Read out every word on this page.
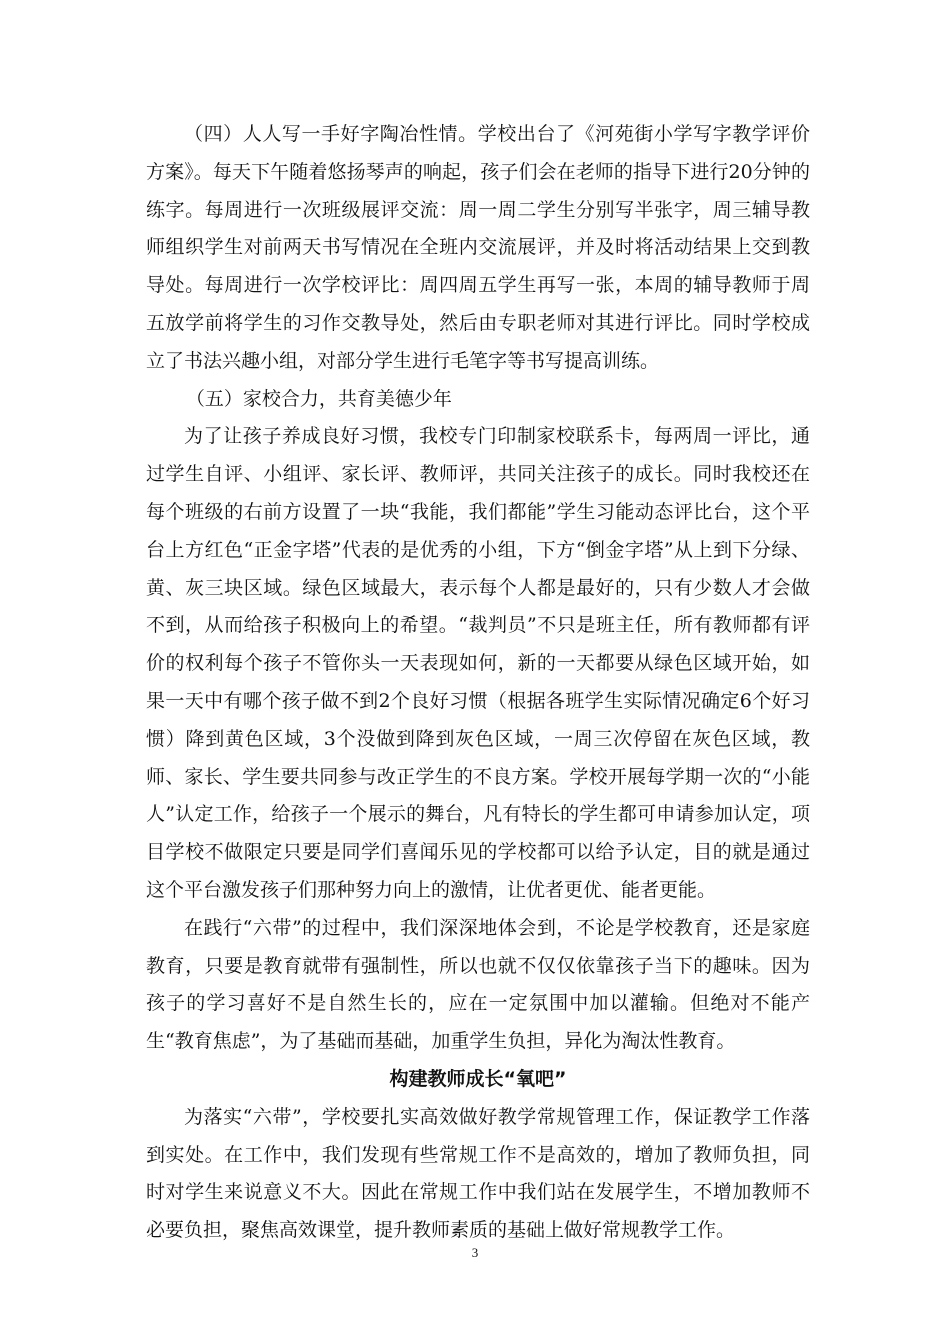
（四）人人写一手好字陶冶性情。学校出台了《河苑街小学写字教学评价方案》。每天下午随着悠扬琴声的响起，孩子们会在老师的指导下进行20分钟的练字。每周进行一次班级展评交流：周一周二学生分别写半张字，周三辅导教师组织学生对前两天书写情况在全班内交流展评，并及时将活动结果上交到教导处。每周进行一次学校评比：周四周五学生再写一张，本周的辅导教师于周五放学前将学生的习作交教导处，然后由专职老师对其进行评比。同时学校成立了书法兴趣小组，对部分学生进行毛笔字等书写提高训练。

（五）家校合力，共育美德少年

为了让孩子养成良好习惯，我校专门印制家校联系卡，每两周一评比，通过学生自评、小组评、家长评、教师评，共同关注孩子的成长。同时我校还在每个班级的右前方设置了一块“我能，我们都能”学生习能动态评比台，这个平台上方红色“正金字塔”代表的是优秀的小组，下方“倒金字塔”从上到下分绿、黄、灰三块区域。绿色区域最大，表示每个人都是最好的，只有少数人才会做不到，从而给孩子积极向上的希望。“裁判员”不只是班主任，所有教师都有评价的权利每个孩子不管你头一天表现如何，新的一天都要从绿色区域开始，如果一天中有哪个孩子做不到2个良好习惯（根据各班学生实际情况确定6个好习惯）降到黄色区域，3个没做到降到灰色区域，一周三次停留在灰色区域，教师、家长、学生要共同参与改正学生的不良方案。学校开展每学期一次的“小能人”认定工作，给孩子一个展示的舞台，凡有特长的学生都可申请参加认定，项目学校不做限定只要是同学们喜闻乐见的学校都可以给予认定，目的就是通过这个平台激发孩子们那种努力向上的激情，让优者更优、能者更能。

在践行“六带”的过程中，我们深深地体会到，不论是学校教育，还是家庭教育，只要是教育就带有强制性，所以也就不仅仅依靠孩子当下的趣味。因为孩子的学习喜好不是自然生长的，应在一定氛围中加以灌输。但绝对不能产生“教育焦虑”，为了基础而基础，加重学生负担，异化为淘汰性教育。

构建教师成长“氧吧”

为落实“六带”，学校要扎实高效做好教学常规管理工作，保证教学工作落到实处。在工作中，我们发现有些常规工作不是高效的，增加了教师负担，同时对学生来说意义不大。因此在常规工作中我们站在发展学生，不增加教师不必要负担，聚焦高效课堂，提升教师素质的基础上做好常规教学工作。

3
